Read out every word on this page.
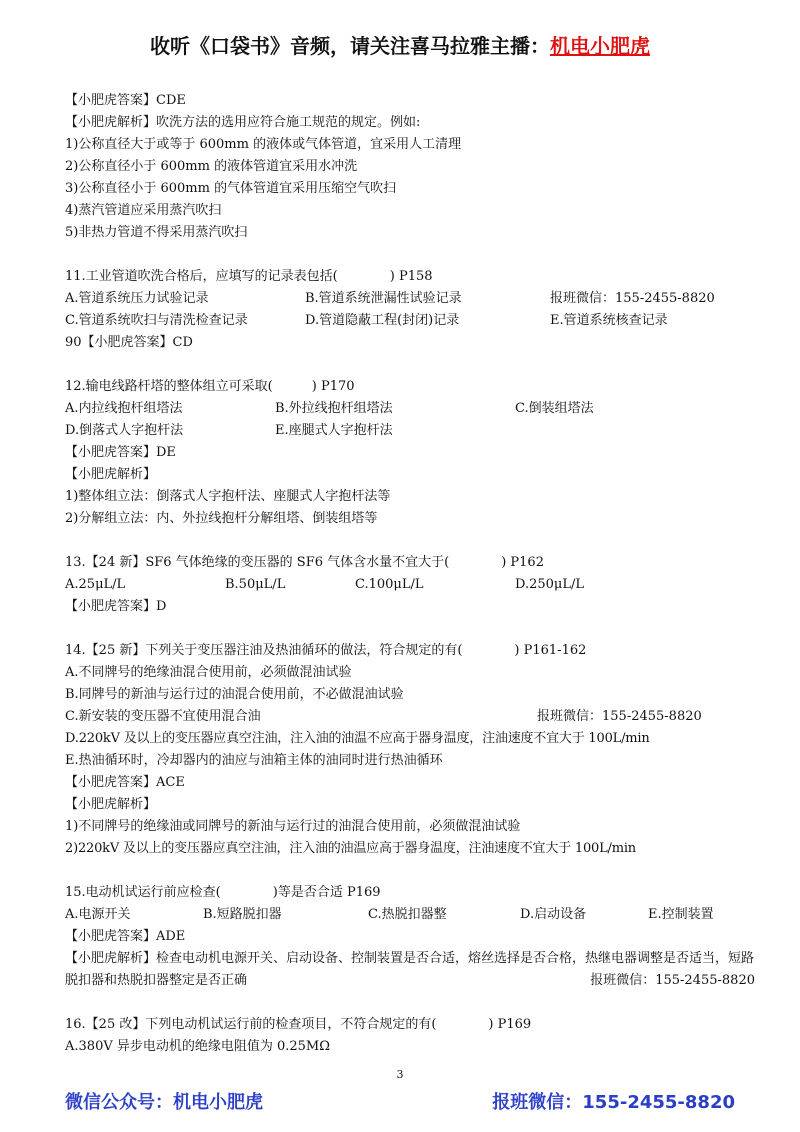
收听《口袋书》音频，请关注喜马拉雅主播：机电小肥虎
【小肥虎答案】CDE
【小肥虎解析】吹洗方法的选用应符合施工规范的规定。例如:
1)公称直径大于或等于 600mm 的液体或气体管道，宜采用人工清理
2)公称直径小于 600mm 的液体管道宜采用水冲洗
3)公称直径小于 600mm 的气体管道宜采用压缩空气吹扫
4)蒸汽管道应采用蒸汽吹扫
5)非热力管道不得采用蒸汽吹扫
11.工业管道吹洗合格后，应填写的记录表包括(　　　　) P158
A.管道系统压力试验记录	B.管道系统泄漏性试验记录	报班微信：155-2455-8820
C.管道系统吹扫与清洗检查记录	D.管道隐蔽工程(封闭)记录	E.管道系统核查记录
90【小肥虎答案】CD
12.输电线路杆塔的整体组立可采取(　　　) P170
A.内拉线抱杆组塔法	B.外拉线抱杆组塔法	C.倒装组塔法
D.倒落式人字抱杆法	E.座腿式人字抱杆法
【小肥虎答案】DE
【小肥虎解析】
1)整体组立法：倒落式人字抱杆法、座腿式人字抱杆法等
2)分解组立法：内、外拉线抱杆分解组塔、倒装组塔等
13.【24 新】SF6 气体绝缘的变压器的 SF6 气体含水量不宜大于(　　　　) P162
A.25μL/L	B.50μL/L	C.100μL/L	D.250μL/L
【小肥虎答案】D
14.【25 新】下列关于变压器注油及热油循环的做法，符合规定的有(　　　　) P161-162
A.不同牌号的绝缘油混合使用前，必须做混油试验
B.同牌号的新油与运行过的油混合使用前，不必做混油试验
C.新安装的变压器不宜使用混合油	报班微信：155-2455-8820
D.220kV 及以上的变压器应真空注油，注入油的油温不应高于器身温度，注油速度不宜大于 100L/min
E.热油循环时，冷却器内的油应与油箱主体的油同时进行热油循环
【小肥虎答案】ACE
【小肥虎解析】
1)不同牌号的绝缘油或同牌号的新油与运行过的油混合使用前，必须做混油试验
2)220kV 及以上的变压器应真空注油，注入油的油温应高于器身温度，注油速度不宜大于 100L/min
15.电动机试运行前应检查(　　　　)等是否合适 P169
A.电源开关	B.短路脱扣器	C.热脱扣器整	D.启动设备	E.控制装置
【小肥虎答案】ADE
【小肥虎解析】检查电动机电源开关、启动设备、控制装置是否合适，熔丝选择是否合格，热继电器调整是否适当，短路脱扣器和热脱扣器整定是否正确	报班微信：155-2455-8820
16.【25 改】下列电动机试运行前的检查项目，不符合规定的有(　　　　) P169
A.380V 异步电动机的绝缘电阻值为 0.25MΩ
3
微信公众号：机电小肥虎	报班微信：155-2455-8820
